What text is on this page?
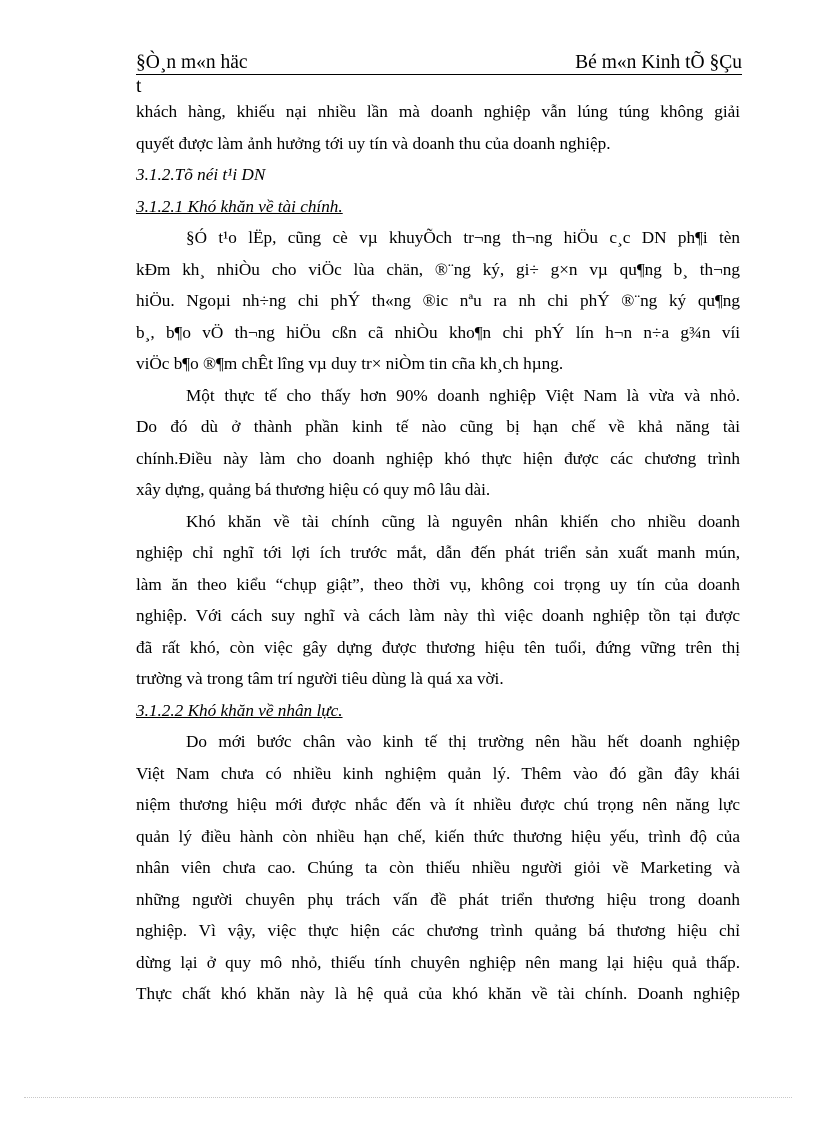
§Ò¸n m«n häc	Bé m«n Kinh tÕ §Çu
t
khách hàng, khiếu nại nhiều lần mà doanh nghiệp vẫn lúng túng không giải
quyết được làm ảnh hưởng tới uy tín và doanh thu của doanh nghiệp.
3.1.2.Tõ néi t¹i DN
3.1.2.1 Khó khăn về tài chính.
§Ó t¹o lËp, cũng cè vµ khuyÕch tr¬ng th¬ng hiÖu c¸c DN ph¶i tèn
kÐm kh¸ nhiÒu cho viÖc lùa chän, ®¨ng ký, gi÷ g×n vµ qu¶ng b¸ th¬ng
hiÖu. Ngoµi nh÷ng chi phÝ th«ng ®ic nªu ra nh chi phÝ ®¨ng ký qu¶ng
b¸, b¶o vÖ th¬ng hiÖu cßn cã nhiÒu kho¶n chi phÝ lín h¬n n÷a g¾n víi
viÖc b¶o ®¶m chÊt lîng vµ duy tr× niÒm tin cña kh¸ch hµng.
Một thực tế cho thấy hơn 90% doanh nghiệp Việt Nam là vừa và nhỏ.
Do đó dù ở thành phần kinh tế nào cũng bị hạn chế về khả năng tài
chính.Điều này làm cho doanh nghiệp khó thực hiện được các chương trình
xây dựng, quảng bá thương hiệu có quy mô lâu dài.
Khó khăn về tài chính cũng là nguyên nhân khiến cho nhiều doanh
nghiệp chỉ nghĩ tới lợi ích trước mắt, dẫn đến phát triển sản xuất manh mún,
làm ăn theo kiểu “chụp giật”, theo thời vụ, không coi trọng uy tín của doanh
nghiệp. Với cách suy nghĩ và cách làm này thì việc doanh nghiệp tồn tại được
đã rất khó, còn việc gây dựng được thương hiệu tên tuổi, đứng vững trên thị
trường và trong tâm trí người tiêu dùng là quá xa vời.
3.1.2.2 Khó khăn về nhân lực.
Do mới bước chân vào kinh tế thị trường nên hầu hết doanh nghiệp
Việt Nam chưa có nhiều kinh nghiệm quản lý. Thêm vào đó gần đây khái
niệm thương hiệu mới được nhắc đến và ít nhiều được chú trọng nên năng lực
quản lý điều hành còn nhiều hạn chế, kiến thức thương hiệu yếu, trình độ của
nhân viên chưa cao. Chúng ta còn thiếu nhiều người giỏi về Marketing và
những người chuyên phụ trách vấn đề phát triển thương hiệu trong doanh
nghiệp. Vì vậy, việc thực hiện các chương trình quảng bá thương hiệu chỉ
dừng lại ở quy mô nhỏ, thiếu tính chuyên nghiệp nên mang lại hiệu quả thấp.
Thực chất khó khăn này là hệ quả của khó khăn về tài chính. Doanh nghiệp
